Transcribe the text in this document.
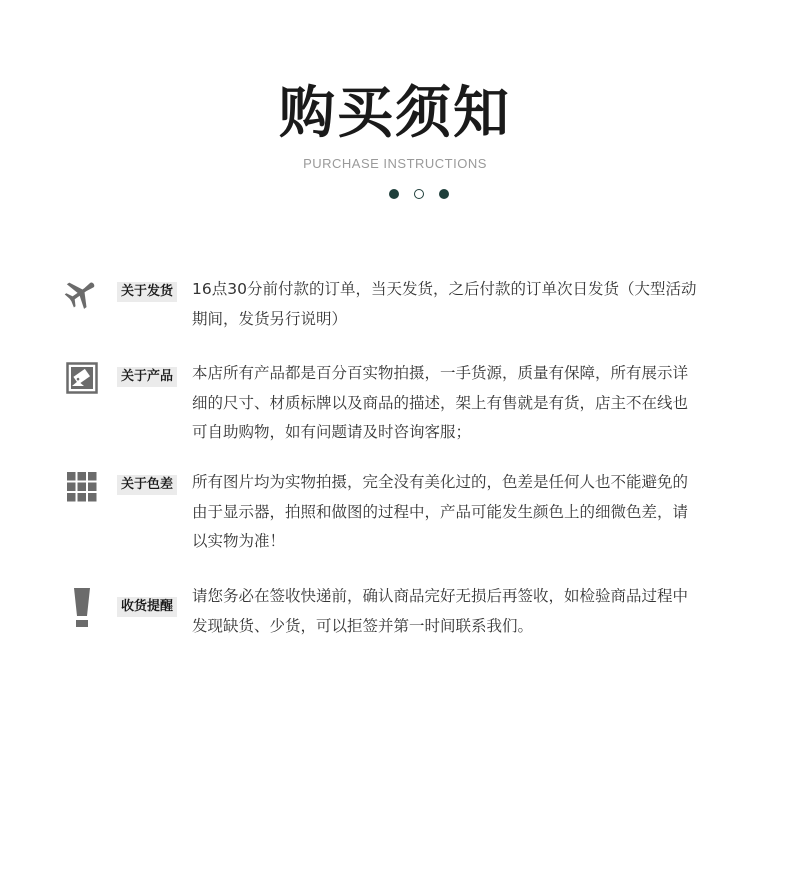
购买须知
PURCHASE INSTRUCTIONS
关于发货 16点30分前付款的订单，当天发货，之后付款的订单次日发货（大型活动
期间，发货另行说明）
关于产品 本店所有产品都是百分百实物拍摄，一手货源，质量有保障，所有展示详
细的尺寸、材质标牌以及商品的描述，架上有售就是有货，店主不在线也
可自助购物，如有问题请及时咨询客服；
关于色差 所有图片均为实物拍摄，完全没有美化过的，色差是任何人也不能避免的
由于显示器，拍照和做图的过程中，产品可能发生颜色上的细微色差，请
以实物为准！
收货提醒
请您务必在签收快递前，确认商品完好无损后再签收，如检验商品过程中
发现缺货、少货，可以拒签并第一时间联系我们。
